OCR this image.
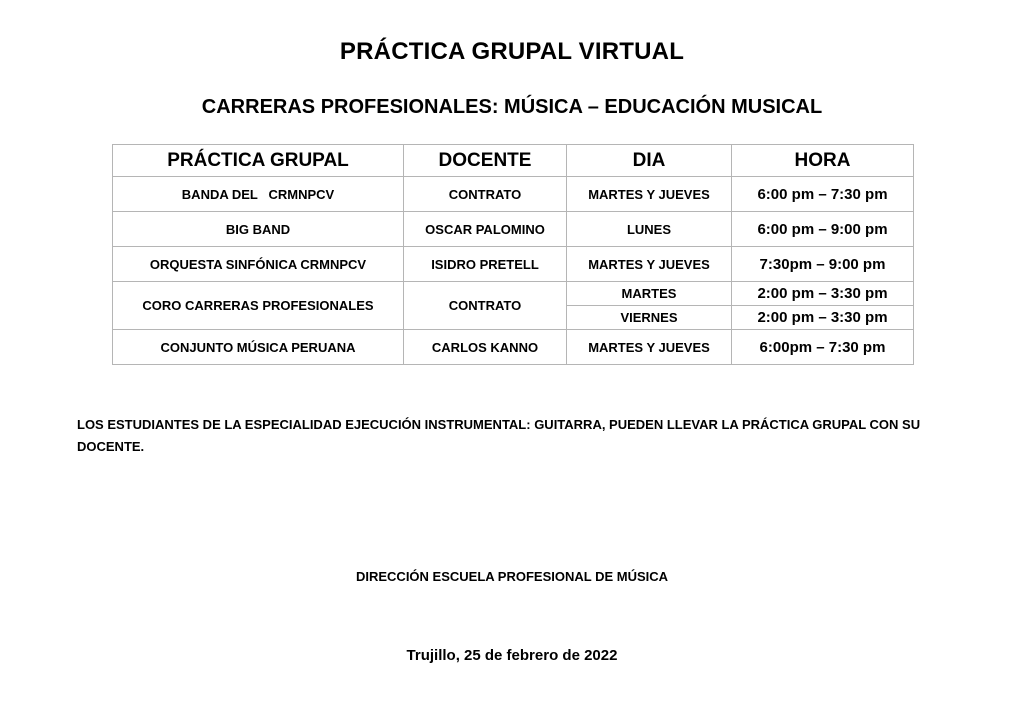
PRÁCTICA GRUPAL VIRTUAL
CARRERAS PROFESIONALES: MÚSICA – EDUCACIÓN MUSICAL
PRÁCTICA GRUPAL	DOCENTE	DIA	HORA
BANDA DEL   CRMNPCV	CONTRATO	MARTES Y JUEVES	6:00 pm – 7:30 pm
BIG BAND	OSCAR PALOMINO	LUNES	6:00 pm – 9:00 pm
ORQUESTA SINFÓNICA CRMNPCV	ISIDRO PRETELL	MARTES Y JUEVES	7:30pm – 9:00 pm
CORO CARRERAS PROFESIONALES	CONTRATO	MARTES	2:00 pm – 3:30 pm
		VIERNES	2:00 pm – 3:30 pm
CONJUNTO MÚSICA PERUANA	CARLOS KANNO	MARTES Y JUEVES	6:00pm – 7:30 pm
LOS ESTUDIANTES DE LA ESPECIALIDAD EJECUCIÓN INSTRUMENTAL: GUITARRA, PUEDEN LLEVAR LA PRÁCTICA GRUPAL CON SU DOCENTE.
DIRECCIÓN ESCUELA PROFESIONAL DE MÚSICA
Trujillo, 25 de febrero de 2022
